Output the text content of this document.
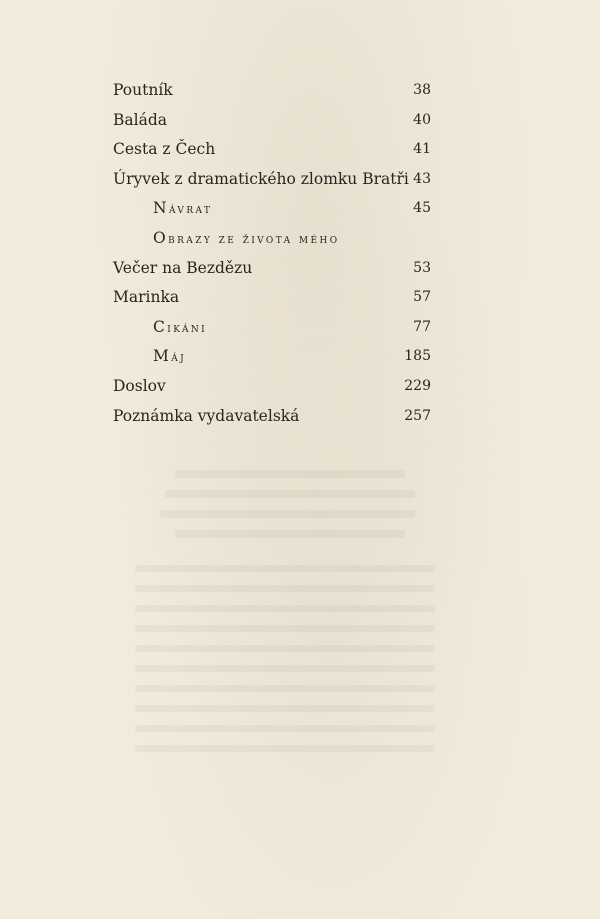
Poutník	38
Baláda	40
Cesta z Čech	41
Úryvek z dramatického zlomku Bratři 43
Návrat	45
Obrazy ze života mého
Večer na Bezdězu	53
Marinka	57
Cikáni	77
Máj	185
Doslov	229
Poznámka vydavatelská	257
